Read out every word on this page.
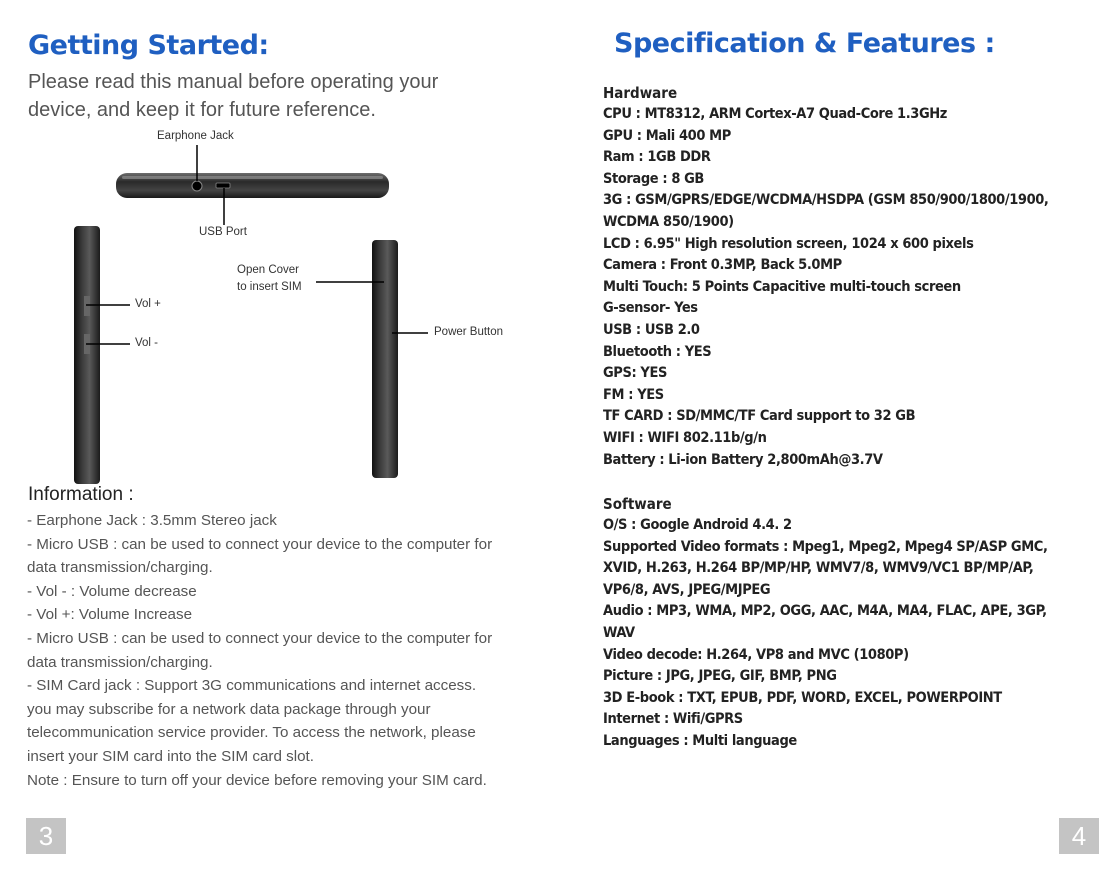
Getting Started:
Please read this manual before operating your device, and keep it for future reference.
Earphone Jack
USB Port
Open Cover
to insert SIM
Vol +
Vol -
Power Button
Information :
- Earphone Jack : 3.5mm Stereo jack
- Micro USB : can be used to connect your device to the computer for
data transmission/charging.
- Vol - : Volume decrease
- Vol +: Volume Increase
- Micro USB : can be used to connect your device to the computer for
data transmission/charging.
- SIM Card jack : Support 3G communications and internet access.
you may subscribe for a network data package through your
telecommunication service provider. To access the network, please
insert your SIM card into the SIM card slot.
Note : Ensure to turn off your device before removing your SIM card.
3
Specification & Features :
Hardware
CPU : MT8312, ARM Cortex-A7 Quad-Core 1.3GHz
GPU : Mali 400 MP
Ram : 1GB DDR
Storage : 8 GB
3G : GSM/GPRS/EDGE/WCDMA/HSDPA (GSM 850/900/1800/1900,
WCDMA 850/1900)
LCD : 6.95" High resolution screen, 1024 x 600 pixels
Camera : Front 0.3MP, Back 5.0MP
Multi Touch: 5 Points Capacitive multi-touch screen
G-sensor- Yes
USB : USB 2.0
Bluetooth : YES
GPS: YES
FM : YES
TF CARD : SD/MMC/TF Card support to 32 GB
WIFI : WIFI 802.11b/g/n
Battery : Li-ion Battery 2,800mAh@3.7V
Software
O/S : Google Android 4.4. 2
Supported Video formats : Mpeg1, Mpeg2, Mpeg4 SP/ASP GMC,
XVID, H.263, H.264 BP/MP/HP, WMV7/8, WMV9/VC1 BP/MP/AP,
VP6/8, AVS, JPEG/MJPEG
Audio : MP3, WMA, MP2, OGG, AAC, M4A, MA4, FLAC, APE, 3GP,
WAV
Video decode: H.264, VP8 and MVC (1080P)
Picture : JPG, JPEG, GIF, BMP, PNG
3D E-book : TXT, EPUB, PDF, WORD, EXCEL, POWERPOINT
Internet : Wifi/GPRS
Languages : Multi language
4
